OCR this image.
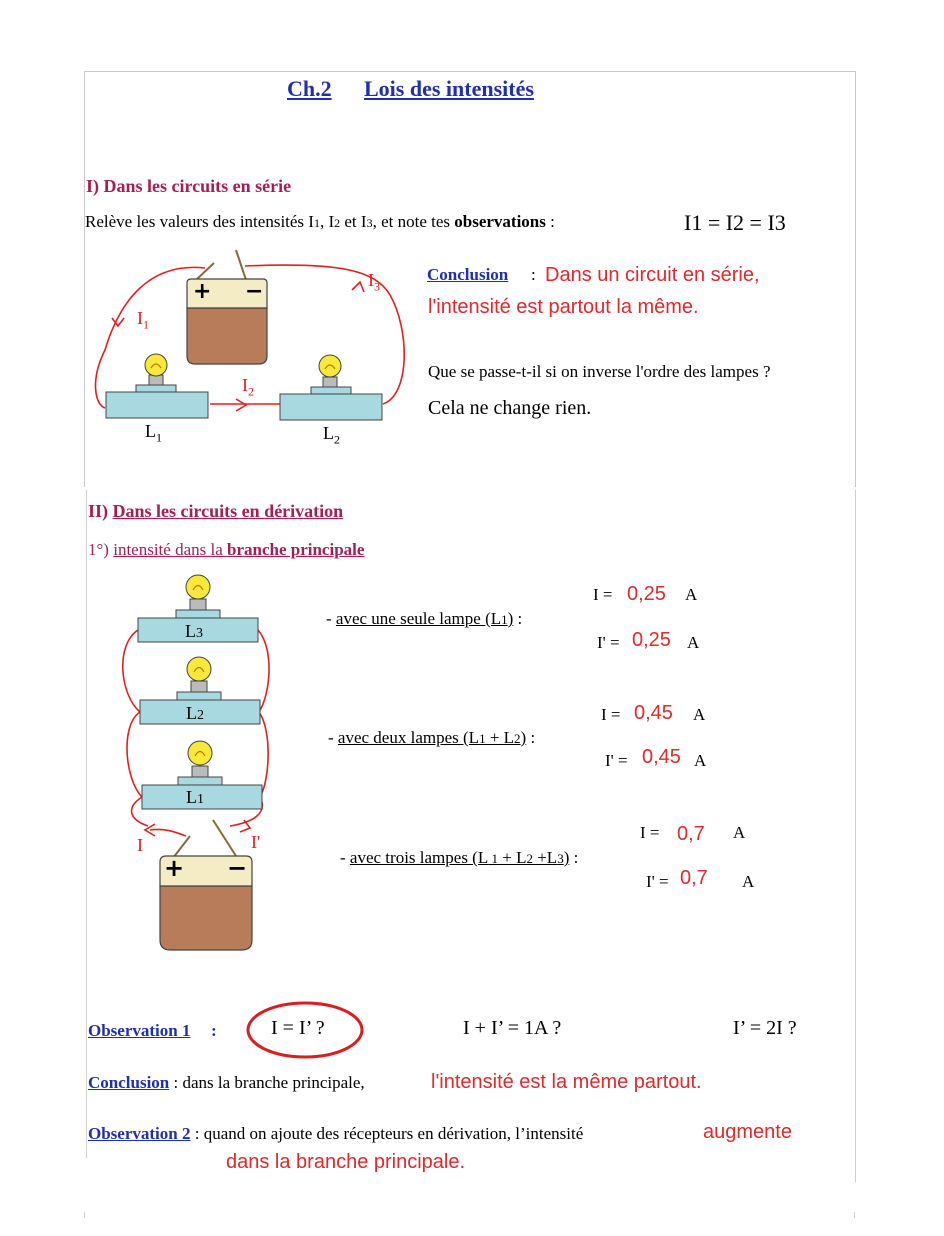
Ch.2 Lois des intensités
I) Dans les circuits en série
Relève les valeurs des intensités I1, I2 et I3, et note tes observations :	I1 = I2 = I3
+ −
$I_1$
$I_2$
$I_3$
$L_1$	$L_2$
Conclusion : Dans un circuit en série,
l'intensité est partout la même.
Que se passe-t-il si on inverse l'ordre des lampes ?
Cela ne change rien.
II) Dans les circuits en dérivation
1°) intensité dans la branche principale
L3
L2
L1
I	I'
+ −
- avec une seule lampe (L1) :
I = 0,25 A
I' = 0,25 A
- avec deux lampes (L1 + L2) :
I = 0,45 A
I' = 0,45 A
- avec trois lampes (L 1 + L2 +L3) :
I = 0,7 A
I' = 0,7 A
Observation 1 :	I = I’ ?	I + I’ = 1A ?	I’ = 2I ?
Conclusion : dans la branche principale,	l'intensité est la même partout.
Observation 2 : quand on ajoute des récepteurs en dérivation, l’intensité	augmente
dans la branche principale.
